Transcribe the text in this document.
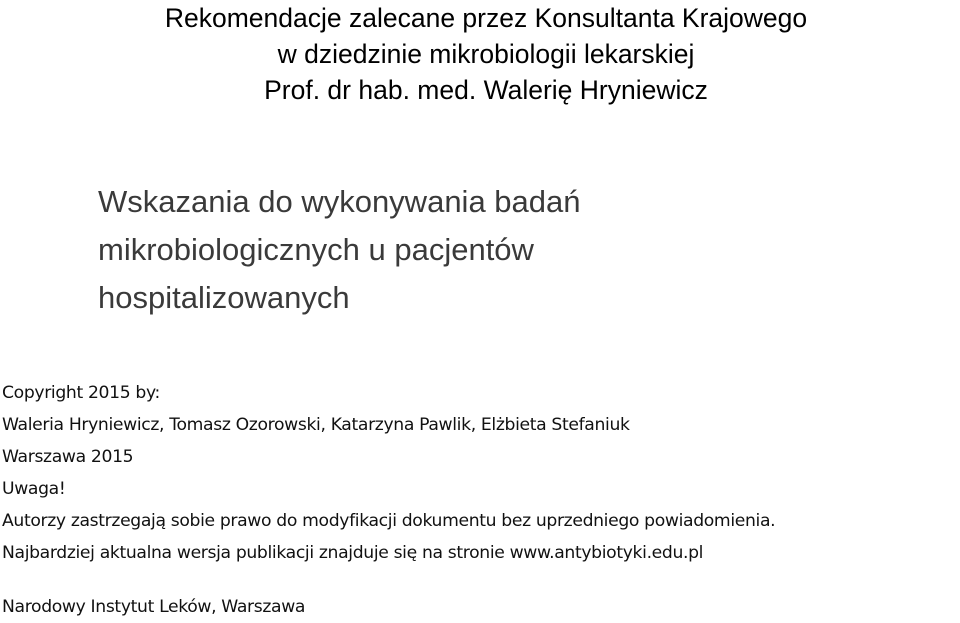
Rekomendacje zalecane przez Konsultanta Krajowego
w dziedzinie mikrobiologii lekarskiej
Prof. dr hab. med. Walerię Hryniewicz
Wskazania do wykonywania badań
mikrobiologicznych u pacjentów
hospitalizowanych
Copyright 2015 by:
Waleria Hryniewicz, Tomasz Ozorowski, Katarzyna Pawlik, Elżbieta Stefaniuk
Warszawa 2015
Uwaga!
Autorzy zastrzegają sobie prawo do modyfikacji dokumentu bez uprzedniego powiadomienia.
Najbardziej aktualna wersja publikacji znajduje się na stronie www.antybiotyki.edu.pl
Narodowy Instytut Leków, Warszawa
